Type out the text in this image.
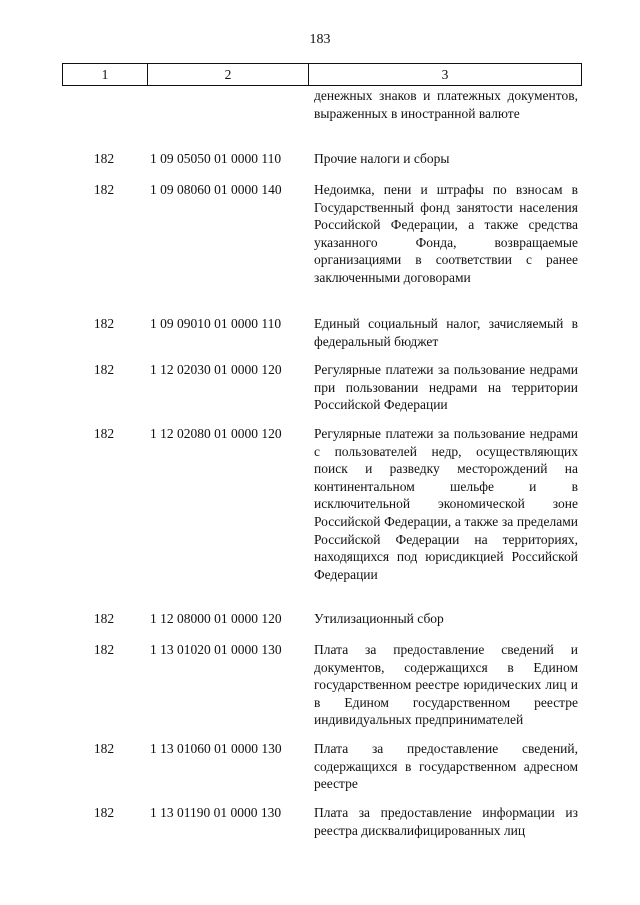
183
1	2	3
денежных знаков и платежных документов, выраженных в иностранной валюте
182	1 09 05050 01 0000 110	Прочие налоги и сборы
182	1 09 08060 01 0000 140	Недоимка, пени и штрафы по взносам в Государственный фонд занятости населения Российской Федерации, а также средства указанного Фонда, возвращаемые организациями в соответствии с ранее заключенными договорами
182	1 09 09010 01 0000 110	Единый социальный налог, зачисляемый в федеральный бюджет
182	1 12 02030 01 0000 120	Регулярные платежи за пользование недрами при пользовании недрами на территории Российской Федерации
182	1 12 02080 01 0000 120	Регулярные платежи за пользование недрами с пользователей недр, осуществляющих поиск и разведку месторождений на континентальном шельфе и в исключительной экономической зоне Российской Федерации, а также за пределами Российской Федерации на территориях, находящихся под юрисдикцией Российской Федерации
182	1 12 08000 01 0000 120	Утилизационный сбор
182	1 13 01020 01 0000 130	Плата за предоставление сведений и документов, содержащихся в Едином государственном реестре юридических лиц и в Едином государственном реестре индивидуальных предпринимателей
182	1 13 01060 01 0000 130	Плата за предоставление сведений, содержащихся в государственном адресном реестре
182	1 13 01190 01 0000 130	Плата за предоставление информации из реестра дисквалифицированных лиц
